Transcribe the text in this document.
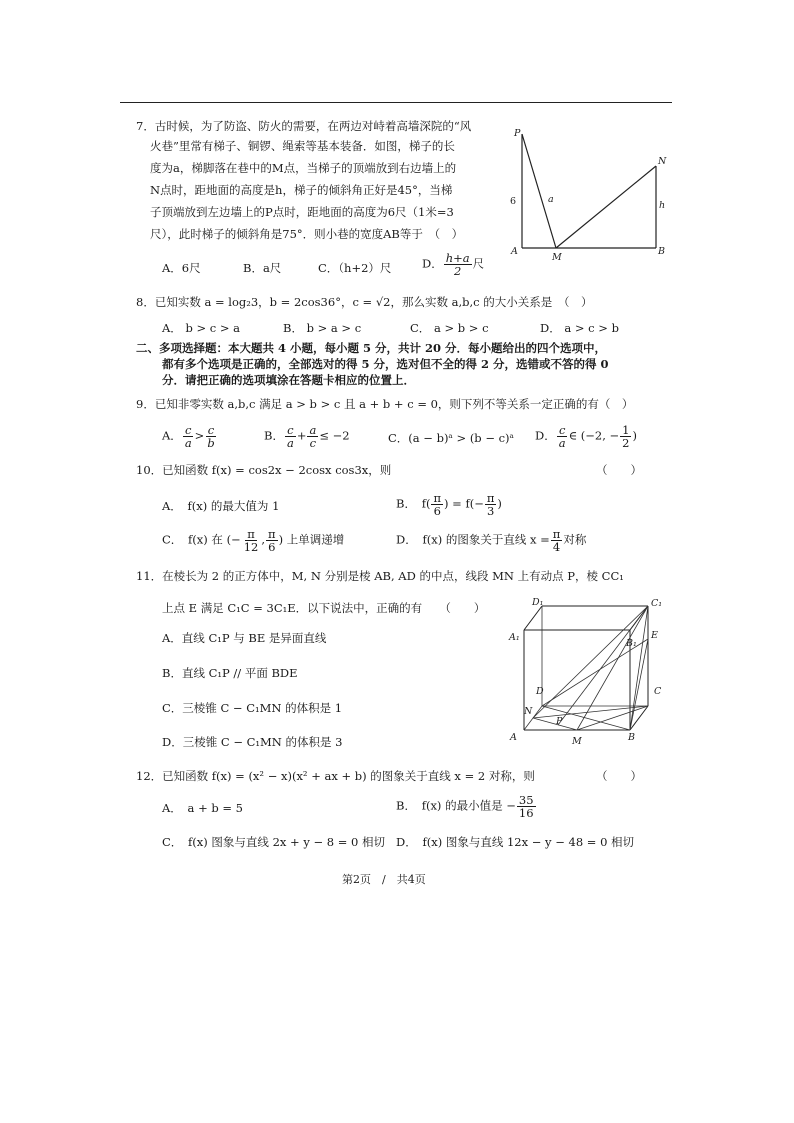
7．古时候，为了防盗、防火的需要，在两边对峙着高墙深院的“风
火巷”里常有梯子、铜锣、绳索等基本装备．如图，梯子的长
度为a，梯脚落在巷中的M点，当梯子的顶端放到右边墙上的
N点时，距地面的高度是h，梯子的倾斜角正好是45°，当梯
子顶端放到左边墙上的P点时，距地面的高度为6尺（1米=3
尺），此时梯子的倾斜角是75°．则小巷的宽度AB等于　（　）
A．6尺	B．a尺	C．（h+2）尺	D． $\frac{h+a}{2}$ 尺
P
N
6	a
h
A
M
B
8．已知实数 a = log₂3，b = 2cos36°，c = √2，那么实数 a,b,c 的大小关系是　（　）
A． b > c > a	B． b > a > c	C． a > b > c	D． a > c > b
二、多项选择题：本大题共 4 小题，每小题 5 分，共计 20 分．每小题给出的四个选项中，
都有多个选项是正确的，全部选对的得 5 分，选对但不全的得 2 分，选错或不答的得 0
分．请把正确的选项填涂在答题卡相应的位置上．
9．已知非零实数 a,b,c 满足 a > b > c 且 a + b + c = 0，则下列不等关系一定正确的有（　）
A． $\frac{c}{a} > \frac{c}{b}$	B． $\frac{c}{a} + \frac{a}{c} \le -2$	C．(a − b)ᵃ > (b − c)ᵃ D． $\frac{c}{a}$ ∈ (−2, − $\frac{1}{2}$ )
10．已知函数 f(x) = cos2x − 2cosx cos3x，则	（　　）
A．　f(x) 的最大值为 1	B．　$f( \frac{\pi}{6}$ ) = $f(- \frac{\pi}{3}$ )
C．　f(x) 在 (− $\frac{\pi}{12}$ , $\frac{\pi}{6}$ ) 上单调递增	D．　f(x) 的图象关于直线 $x = \frac{\pi}{4}$ 对称
11．在棱长为 2 的正方体中，M, N 分别是棱 AB, AD 的中点，线段 MN 上有动点 P，棱 CC₁
上点 E 满足 C₁C = 3C₁E．以下说法中，正确的有　　（　　）
A．直线 C₁P 与 BE 是异面直线
B．直线 C₁P // 平面 BDE
C．三棱锥 C − C₁MN 的体积是 1
D．三棱锥 C − C₁MN 的体积是 3
D₁	C₁
A₁
B₁
E
D	C
N
P
A	M	B
12．已知函数 f(x) = (x² − x)(x² + ax + b) 的图象关于直线 x = 2 对称，则	（　　）
A．　a + b = 5	B．　f(x) 的最小值是 − $\frac{35}{16}$
C．　f(x) 图象与直线 2x + y − 8 = 0 相切 D．　f(x) 图象与直线 12x − y − 48 = 0 相切
第2页　/　共4页
